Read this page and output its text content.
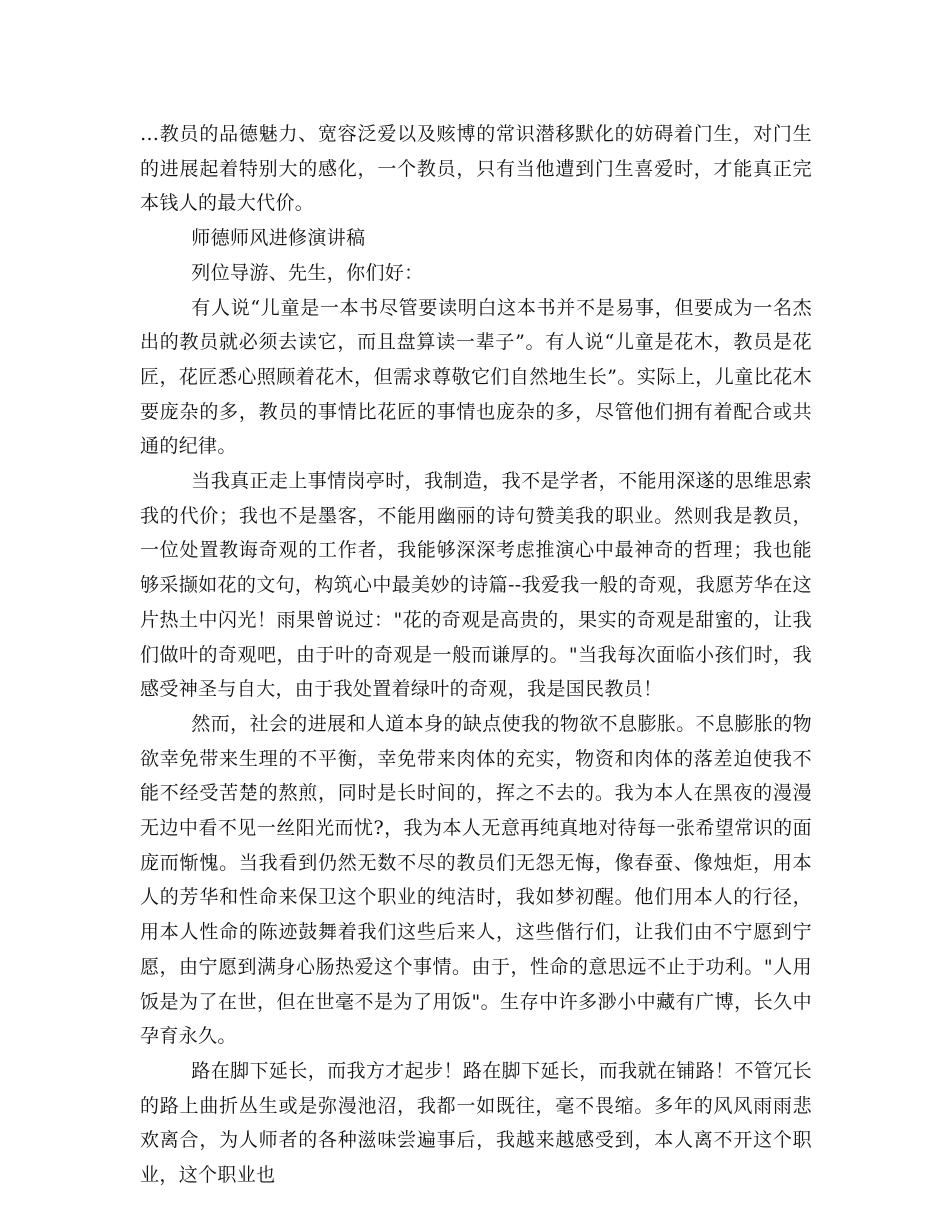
…教员的品德魅力、宽容泛爱以及赅博的常识潜移默化的妨碍着门生，对门生的进展起着特别大的感化，一个教员，只有当他遭到门生喜爱时，才能真正完本钱人的最大代价。

师德师风进修演讲稿

列位导游、先生，你们好：

有人说“儿童是一本书尽管要读明白这本书并不是易事，但要成为一名杰出的教员就必须去读它，而且盘算读一辈子”。有人说“儿童是花木，教员是花匠，花匠悉心照顾着花木，但需求尊敬它们自然地生长”。实际上，儿童比花木要庞杂的多，教员的事情比花匠的事情也庞杂的多，尽管他们拥有着配合或共通的纪律。

当我真正走上事情岗亭时，我制造，我不是学者，不能用深遂的思维思索我的代价；我也不是墨客，不能用幽丽的诗句赞美我的职业。然则我是教员，一位处置教诲奇观的工作者，我能够深深考虑推演心中最神奇的哲理；我也能够采撷如花的文句，构筑心中最美妙的诗篇--我爱我一般的奇观，我愿芳华在这片热土中闪光！雨果曾说过："花的奇观是高贵的，果实的奇观是甜蜜的，让我们做叶的奇观吧，由于叶的奇观是一般而谦厚的。"当我每次面临小孩们时，我感受神圣与自大，由于我处置着绿叶的奇观，我是国民教员！

然而，社会的进展和人道本身的缺点使我的物欲不息膨胀。不息膨胀的物欲幸免带来生理的不平衡，幸免带来肉体的充实，物资和肉体的落差迫使我不能不经受苦楚的熬煎，同时是长时间的，挥之不去的。我为本人在黑夜的漫漫无边中看不见一丝阳光而忧?，我为本人无意再纯真地对待每一张希望常识的面庞而惭愧。当我看到仍然无数不尽的教员们无怨无悔，像春蚕、像烛炬，用本人的芳华和性命来保卫这个职业的纯洁时，我如梦初醒。他们用本人的行径，用本人性命的陈迹鼓舞着我们这些后来人，这些偕行们，让我们由不宁愿到宁愿，由宁愿到满身心肠热爱这个事情。由于，性命的意思远不止于功利。"人用饭是为了在世，但在世毫不是为了用饭"。生存中许多渺小中藏有广博，长久中孕育永久。

路在脚下延长，而我方才起步！路在脚下延长，而我就在铺路！不管冗长的路上曲折丛生或是弥漫池沼，我都一如既往，毫不畏缩。多年的风风雨雨悲欢离合，为人师者的各种滋味尝遍事后，我越来越感受到，本人离不开这个职业，这个职业也
